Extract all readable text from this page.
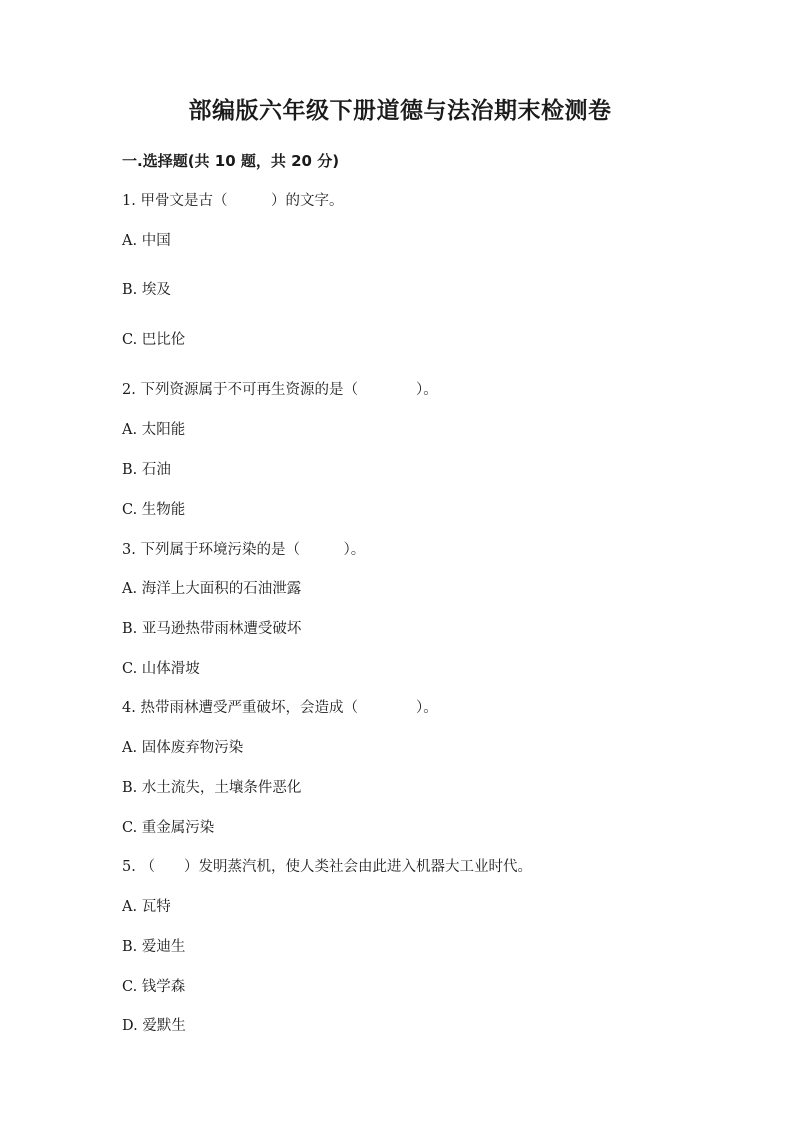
部编版六年级下册道德与法治期末检测卷
一.选择题(共 10 题，共 20 分)
1. 甲骨文是古（　　　）的文字。
A. 中国
B. 埃及
C. 巴比伦
2. 下列资源属于不可再生资源的是（　　　　）。
A. 太阳能
B. 石油
C. 生物能
3. 下列属于环境污染的是（　　　）。
A. 海洋上大面积的石油泄露
B. 亚马逊热带雨林遭受破坏
C. 山体滑坡
4. 热带雨林遭受严重破坏，会造成（　　　　）。
A. 固体废弃物污染
B. 水土流失，土壤条件恶化
C. 重金属污染
5. （　　）发明蒸汽机，使人类社会由此进入机器大工业时代。
A. 瓦特
B. 爱迪生
C. 钱学森
D. 爱默生
